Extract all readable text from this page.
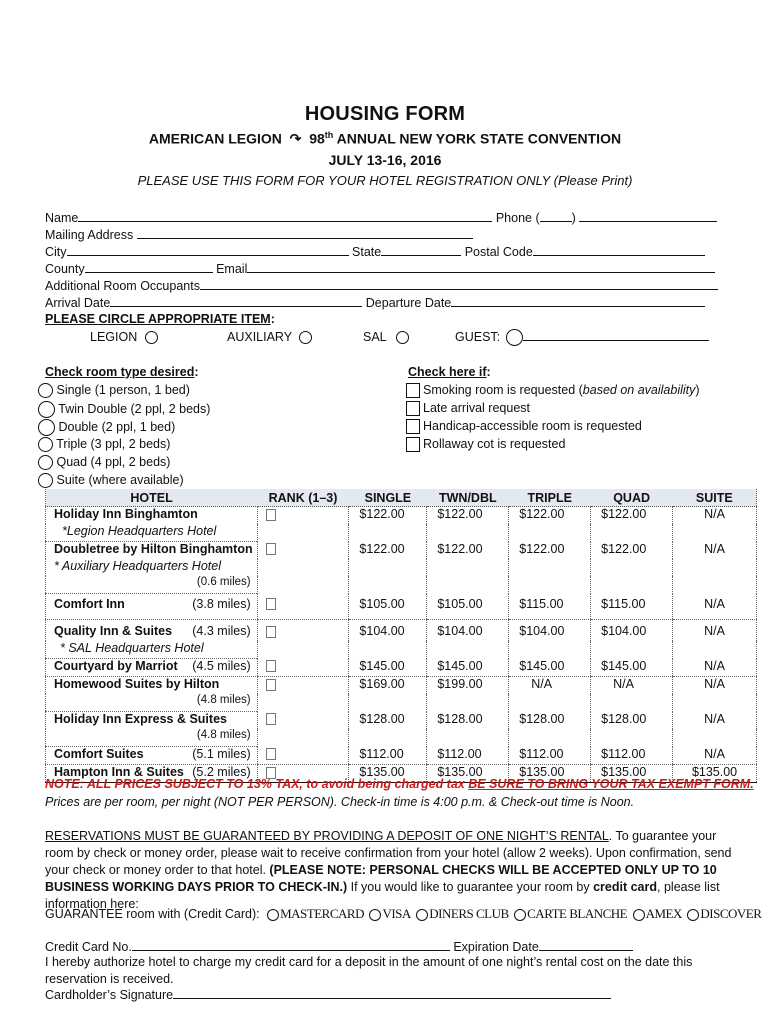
HOUSING FORM
AMERICAN LEGION  ↷  98th ANNUAL NEW YORK STATE CONVENTION
JULY 13-16, 2016
PLEASE USE THIS FORM FOR YOUR HOTEL REGISTRATION ONLY (Please Print)
Name	Phone (	)
Mailing Address
City	State	Postal Code
County	Email
Additional Room Occupants
Arrival Date	Departure Date
PLEASE CIRCLE APPROPRIATE ITEM:
LEGION	AUXILIARY	SAL	GUEST:
Check room type desired:
Single (1 person, 1 bed)
Twin Double (2 ppl, 2 beds)
Double (2 ppl, 1 bed)
Triple (3 ppl, 2 beds)
Quad (4 ppl, 2 beds)
Suite (where available)
Check here if:
Smoking room is requested (based on availability)
Late arrival request
Handicap-accessible room is requested
Rollaway cot is requested
HOTEL	RANK (1–3)	SINGLE	TWN/DBL	TRIPLE	QUAD	SUITE
Holiday Inn Binghamton		$122.00	$122.00	$122.00	$122.00	N/A
*Legion Headquarters Hotel						
Doubletree by Hilton Binghamton		$122.00	$122.00	$122.00	$122.00	N/A
* Auxiliary Headquarters Hotel						

(0.6 miles)						

Comfort Inn (3.8 miles)		$105.00	$105.00	$115.00	$115.00	N/A
Quality Inn & Suites (4.3 miles)		$104.00	$104.00	$104.00	$104.00	N/A
* SAL Headquarters Hotel						
Courtyard by Marriot (4.5 miles)		$145.00	$145.00	$145.00	$145.00	N/A
Homewood Suites by Hilton		$169.00	$199.00	N/A	N/A	N/A

(4.8 miles)						

Holiday Inn Express & Suites		$128.00	$128.00	$128.00	$128.00	N/A

(4.8 miles)						

Comfort Suites (5.1 miles)		$112.00	$112.00	$112.00	$112.00	N/A
Hampton Inn & Suites (5.2 miles)		$135.00	$135.00	$135.00	$135.00	$135.00
NOTE: ALL PRICES SUBJECT TO 13% TAX, to avoid being charged tax BE SURE TO BRING YOUR TAX EXEMPT FORM.
Prices are per room, per night (NOT PER PERSON). Check-in time is 4:00 p.m. & Check-out time is Noon.
RESERVATIONS MUST BE GUARANTEED BY PROVIDING A DEPOSIT OF ONE NIGHT’S RENTAL. To guarantee your room by check or money order, please wait to receive confirmation from your hotel (allow 2 weeks). Upon confirmation, send your check or money order to that hotel. (PLEASE NOTE: PERSONAL CHECKS WILL BE ACCEPTED ONLY UP TO 10 BUSINESS WORKING DAYS PRIOR TO CHECK-IN.) If you would like to guarantee your room by credit card, please list information here:
GUARANTEE room with (Credit Card): MASTERCARD VISA DINERS CLUB CARTE BLANCHE AMEX DISCOVER
Credit Card No.	Expiration Date
I hereby authorize hotel to charge my credit card for a deposit in the amount of one night’s rental cost on the date this reservation is received.
Cardholder’s Signature
